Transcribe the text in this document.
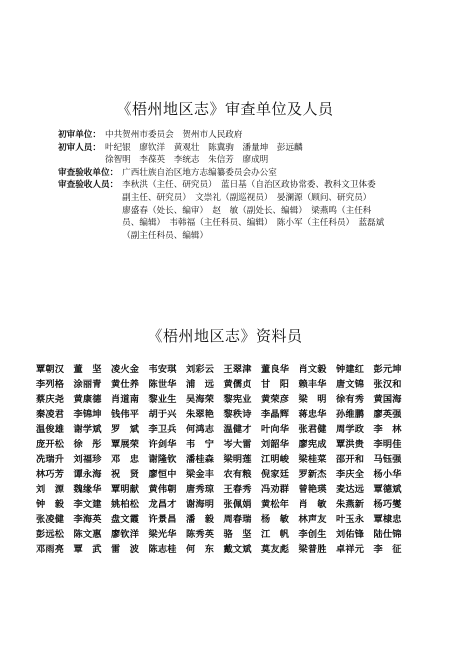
《梧州地区志》审查单位及人员
初审单位： 中共贺州市委员会　贺州市人民政府
初审人员： 叶纪银　廖钦洋　黄观壮　陈冀驹　潘量坤　彭远麟
徐智明　李葆英　李统志　朱信芳　廖成明
审查验收单位： 广西壮族自治区地方志编纂委员会办公室
审查验收人员： 李秋洪（主任、研究员）　蓝日基（自治区政协常委、教科文卫体委
副主任、研究员）　文崇礼（副巡视员）　晏澜源（顾问、研究员）
廖盛春（处长、编审）　赵　敏（副处长、编辑）　梁燕鸣（主任科
员、编辑）　韦韩福（主任科员、编辑）　陈小军（主任科员）　蓝磊斌
（副主任科员、编辑）
《梧州地区志》资料员
覃朝汉	董　坚	凌火金	韦安琪	刘彩云	王翠津	董良华	肖文毅	钟建红	彭元坤
李列格	涂丽青	黄仕养	陈世华	浦　远	黄儒贞	甘　阳	赖丰华	唐文锦	张汉和
蔡庆尧	黄康德	肖道南	黎业生	吴海荣	黎宪业	黄荣彦	梁　明	徐有秀	黄国海
秦凌君	李锦坤	钱伟平	胡于兴	朱翠艳	黎秩诗	李晶辉	蒋忠华	孙维鹏	廖英强
温俊雄	谢学斌	罗　斌	李卫兵	何鸿志	温健才	叶向华	张君健	周学政	李　林
庞开松	徐　彤	覃展荣	许剑华	韦　宁	岑大雷	刘韶华	廖宪成	覃洪贵	李明佳
冼瑞升	刘福珍	邓　忠	谢隆钦	潘桂森	梁明莲	江明峻	梁桂菜	邵开和	马钰强
林巧芳	谭永海	祝　贤	廖恒中	梁金丰	农有粮	倪家廷	罗新杰	李庆全	杨小华
刘　源	魏缘华	覃明献	黄伟朝	唐秀琼	王春秀	冯劝群	曾艳瑛	麦达远	覃德斌
钟　毅	李文建	姚柏松	龙昌才	谢海明	张佩娟	黄松年	肖　敏	朱燕新	杨巧燮
张凌健	李海英	盘文霞	许景昌	潘　毅	周春瑞	杨　敏	林声友	叶玉永	覃棣忠
彭远松	陈文惠	廖钦洋	梁光华	陈秀英	骆　坚	江　帆	李创生	刘佑锋	陆仕锦
邓雨亮	覃　武	雷　波	陈志桂	何　东	戴文斌	莫友彪	梁普胜	卓祥元	李　征
